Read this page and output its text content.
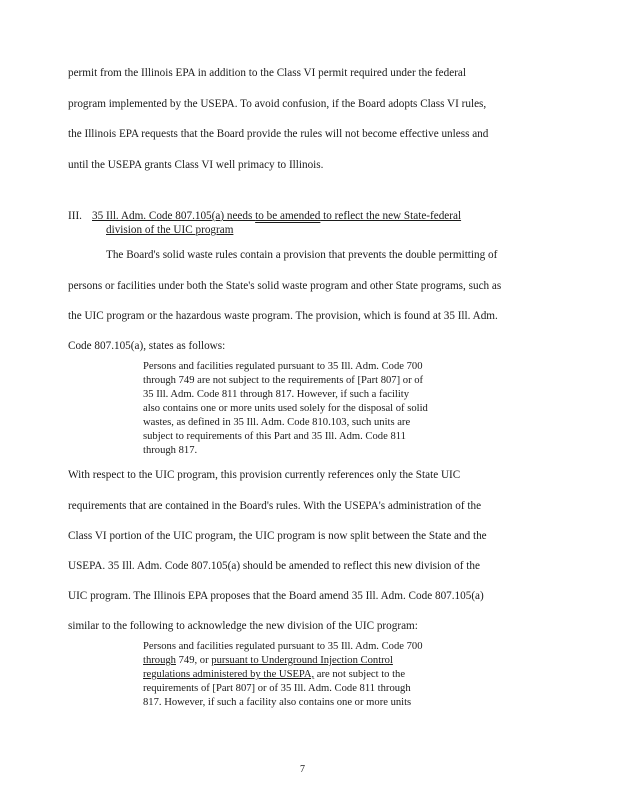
permit from the Illinois EPA in addition to the Class VI permit required under the federal
program implemented by the USEPA. To avoid confusion, if the Board adopts Class VI rules,
the Illinois EPA requests that the Board provide the rules will not become effective unless and
until the USEPA grants Class VI well primacy to Illinois.
III. 35 Ill. Adm. Code 807.105(a) needs to be amended to reflect the new State-federal
division of the UIC program
The Board's solid waste rules contain a provision that prevents the double permitting of
persons or facilities under both the State's solid waste program and other State programs, such as
the UIC program or the hazardous waste program. The provision, which is found at 35 Ill. Adm.
Code 807.105(a), states as follows:
Persons and facilities regulated pursuant to 35 Ill. Adm. Code 700
through 749 are not subject to the requirements of [Part 807] or of
35 Ill. Adm. Code 811 through 817. However, if such a facility
also contains one or more units used solely for the disposal of solid
wastes, as defined in 35 Ill. Adm. Code 810.103, such units are
subject to requirements of this Part and 35 Ill. Adm. Code 811
through 817.
With respect to the UIC program, this provision currently references only the State UIC
requirements that are contained in the Board's rules. With the USEPA's administration of the
Class VI portion of the UIC program, the UIC program is now split between the State and the
USEPA. 35 Ill. Adm. Code 807.105(a) should be amended to reflect this new division of the
UIC program. The Illinois EPA proposes that the Board amend 35 Ill. Adm. Code 807.105(a)
similar to the following to acknowledge the new division of the UIC program:
Persons and facilities regulated pursuant to 35 Ill. Adm. Code 700
through 749, or pursuant to Underground Injection Control
regulations administered by the USEPA, are not subject to the
requirements of [Part 807] or of 35 Ill. Adm. Code 811 through
817. However, if such a facility also contains one or more units
7
